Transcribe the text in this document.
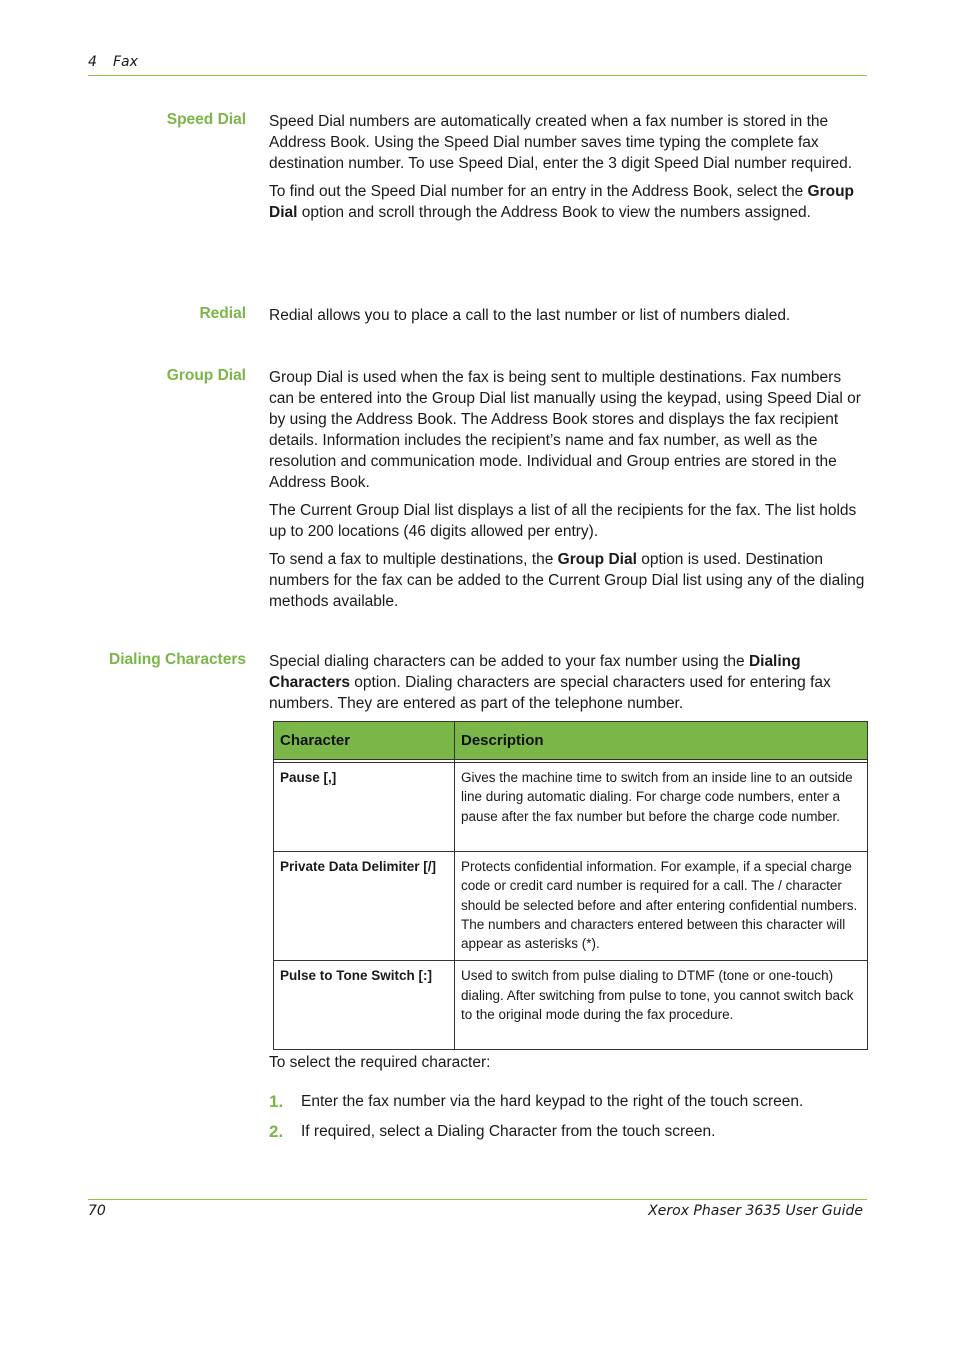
4 Fax
Speed Dial Speed Dial numbers are automatically created when a fax number is stored in the Address Book. Using the Speed Dial number saves time typing the complete fax destination number. To use Speed Dial, enter the 3 digit Speed Dial number required.

To find out the Speed Dial number for an entry in the Address Book, select the Group Dial option and scroll through the Address Book to view the numbers assigned.

Redial Redial allows you to place a call to the last number or list of numbers dialed.

Group Dial Group Dial is used when the fax is being sent to multiple destinations. Fax numbers can be entered into the Group Dial list manually using the keypad, using Speed Dial or by using the Address Book. The Address Book stores and displays the fax recipient details. Information includes the recipient’s name and fax number, as well as the resolution and communication mode. Individual and Group entries are stored in the Address Book.

The Current Group Dial list displays a list of all the recipients for the fax. The list holds up to 200 locations (46 digits allowed per entry).

To send a fax to multiple destinations, the Group Dial option is used. Destination numbers for the fax can be added to the Current Group Dial list using any of the dialing methods available.

Dialing Characters Special dialing characters can be added to your fax number using the Dialing Characters option. Dialing characters are special characters used for entering fax numbers. They are entered as part of the telephone number.

Character	Description

Pause [,]	Gives the machine time to switch from an inside line to an outside line during automatic dialing. For charge code numbers, enter a pause after the fax number but before the charge code number.
Private Data Delimiter [/]	Protects confidential information. For example, if a special charge code or credit card number is required for a call. The / character should be selected before and after entering confidential numbers. The numbers and characters entered between this character will appear as asterisks (*).
Pulse to Tone Switch [:]	Used to switch from pulse dialing to DTMF (tone or one-touch) dialing. After switching from pulse to tone, you cannot switch back to the original mode during the fax procedure.
To select the required character:
1. Enter the fax number via the hard keypad to the right of the touch screen.
2. If required, select a Dialing Character from the touch screen.
70	Xerox Phaser 3635 User Guide
